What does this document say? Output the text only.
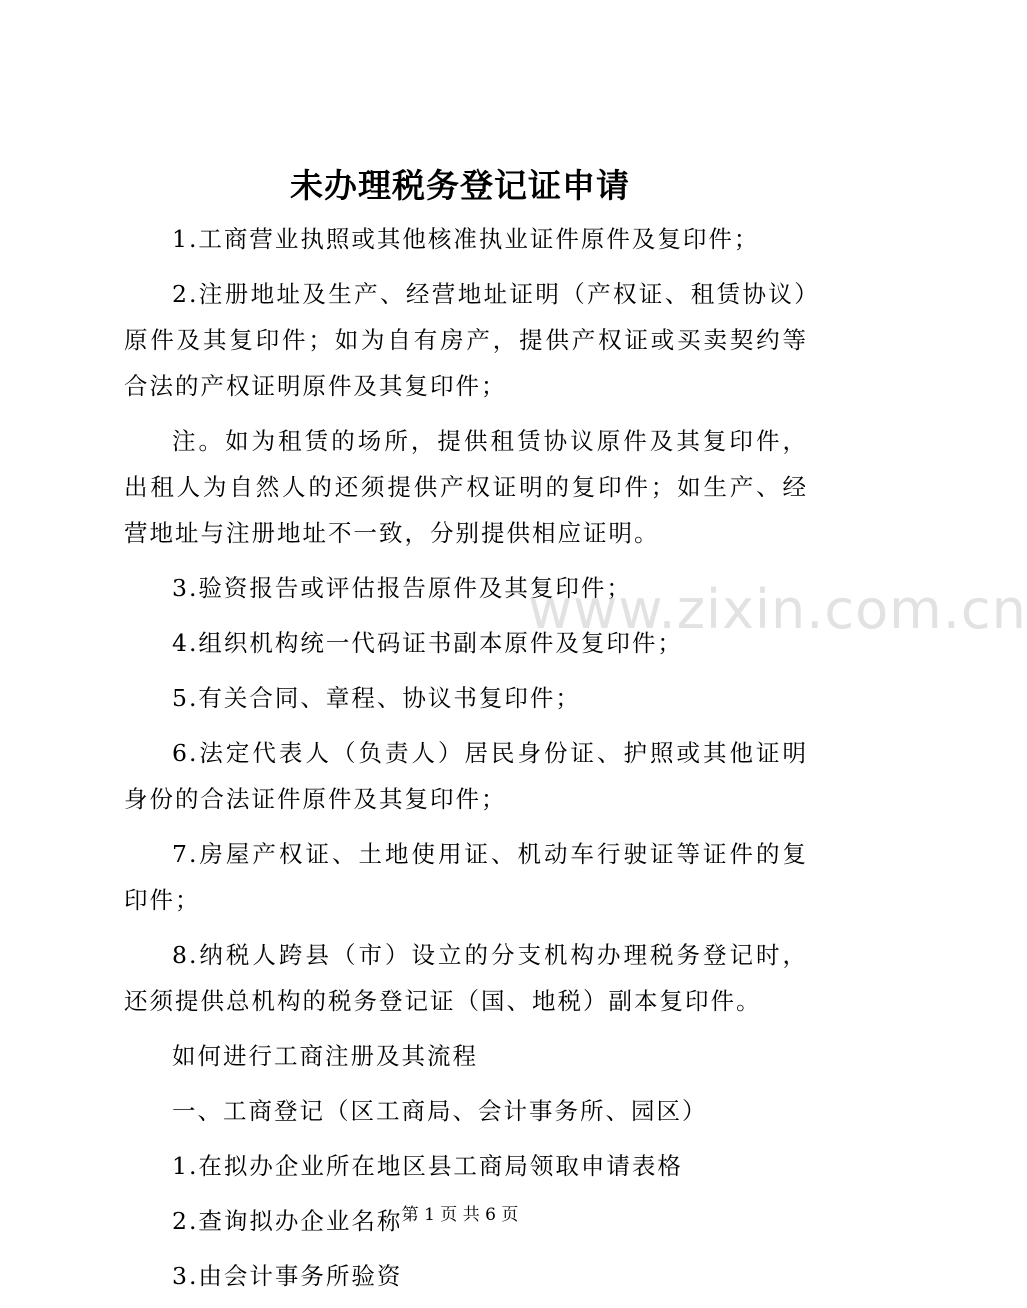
未办理税务登记证申请

1.工商营业执照或其他核准执业证件原件及复印件；

2.注册地址及生产、经营地址证明（产权证、租赁协议）原件及其复印件；如为自有房产，提供产权证或买卖契约等合法的产权证明原件及其复印件；

注。如为租赁的场所，提供租赁协议原件及其复印件，出租人为自然人的还须提供产权证明的复印件；如生产、经营地址与注册地址不一致，分别提供相应证明。

3.验资报告或评估报告原件及其复印件；

4.组织机构统一代码证书副本原件及复印件；

5.有关合同、章程、协议书复印件；

6.法定代表人（负责人）居民身份证、护照或其他证明身份的合法证件原件及其复印件；

7.房屋产权证、土地使用证、机动车行驶证等证件的复印件；

8.纳税人跨县（市）设立的分支机构办理税务登记时，还须提供总机构的税务登记证（国、地税）副本复印件。

如何进行工商注册及其流程

一、工商登记（区工商局、会计事务所、园区）

1.在拟办企业所在地区县工商局领取申请表格

2.查询拟办企业名称

3.由会计事务所验资

www.zixin.com.cn
第 1 页 共 6 页
